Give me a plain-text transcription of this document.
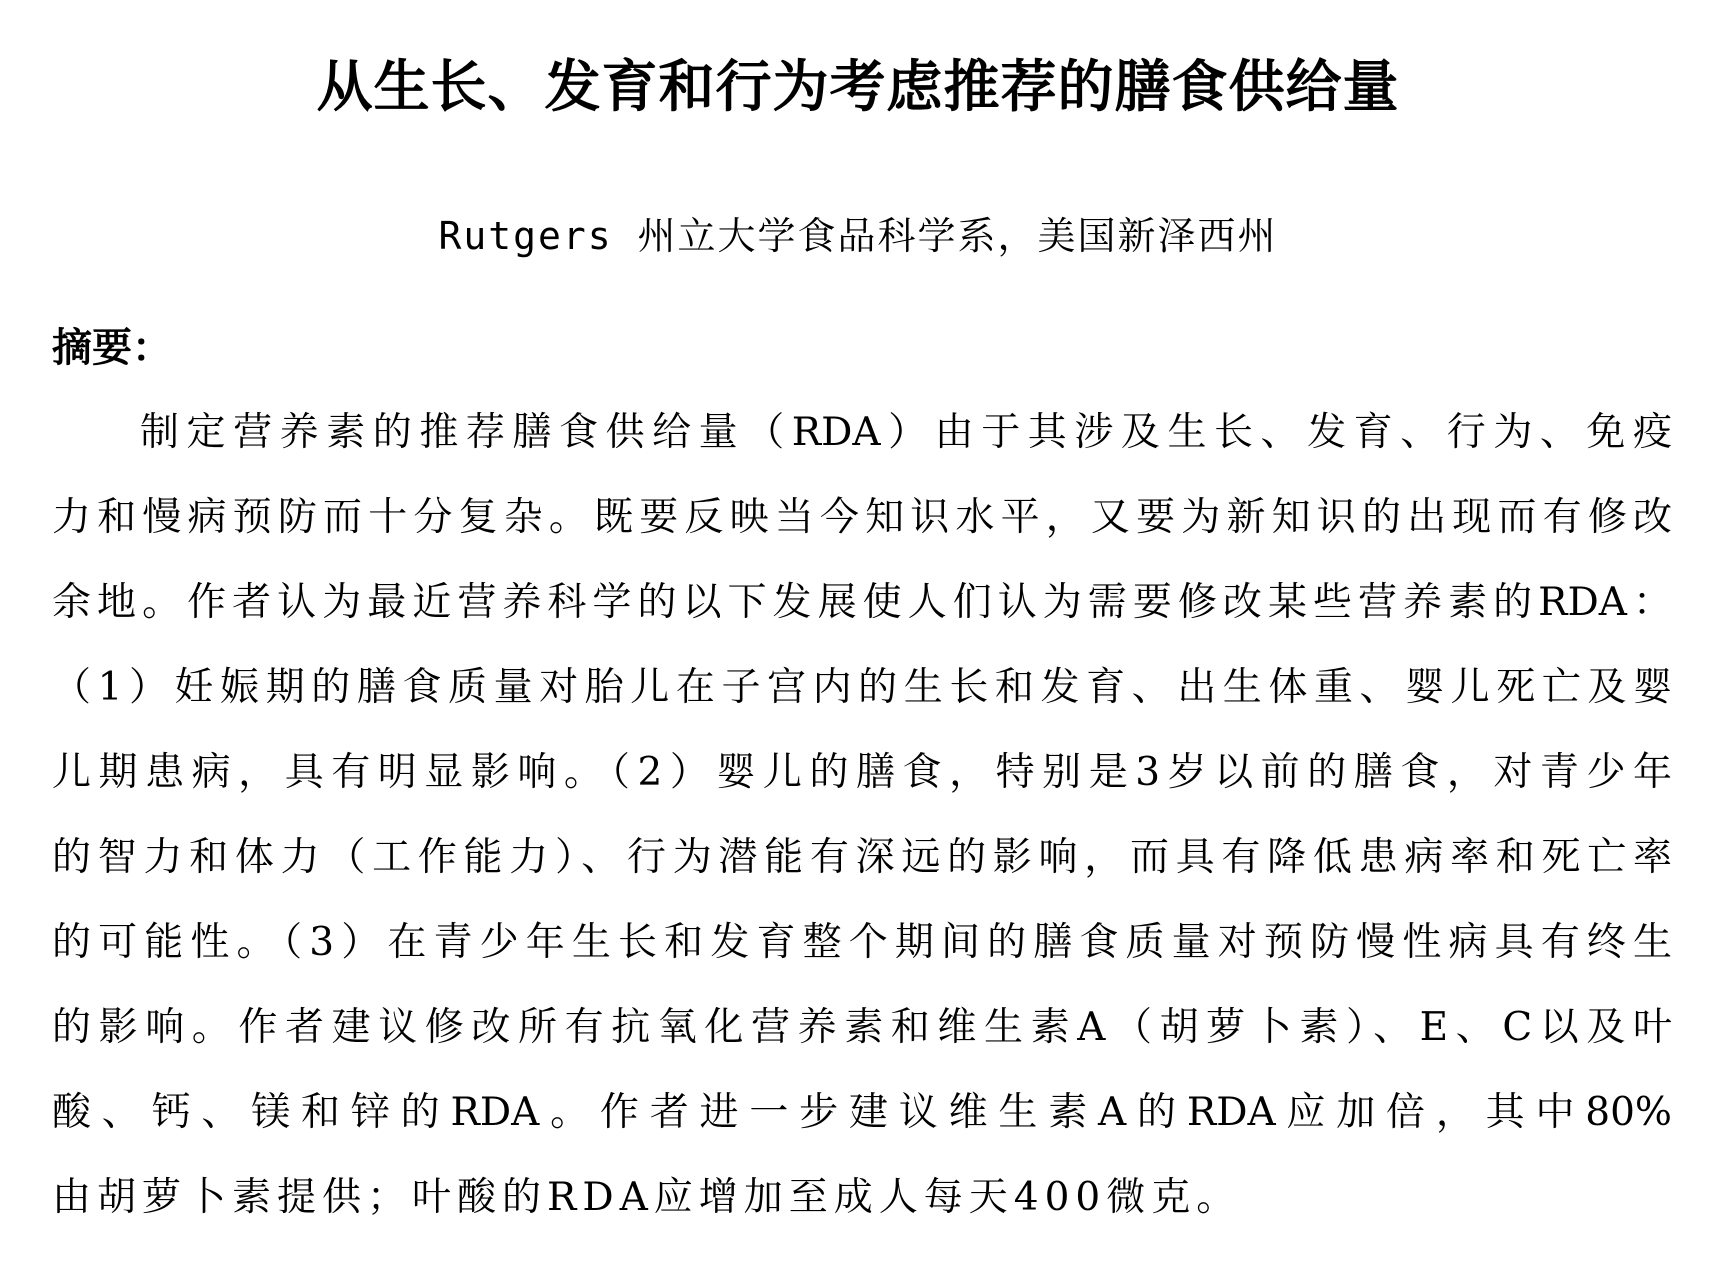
从生长、发育和行为考虑推荐的膳食供给量
Rutgers 州立大学食品科学系，美国新泽西州
摘要：
制定营养素的推荐膳食供给量（RDA）由于其涉及生长、发育、行为、免疫
力和慢病预防而十分复杂。既要反映当今知识水平，又要为新知识的出现而有修改
余地。作者认为最近营养科学的以下发展使人们认为需要修改某些营养素的RDA：
（1）妊娠期的膳食质量对胎儿在子宫内的生长和发育、出生体重、婴儿死亡及婴
儿期患病，具有明显影响。（2）婴儿的膳食，特别是3岁以前的膳食，对青少年
的智力和体力（工作能力）、行为潜能有深远的影响，而具有降低患病率和死亡率
的可能性。（3）在青少年生长和发育整个期间的膳食质量对预防慢性病具有终生
的影响。作者建议修改所有抗氧化营养素和维生素A（胡萝卜素）、E、C以及叶
酸、钙、镁和锌的RDA。作者进一步建议维生素A的RDA应加倍，其中80%
由胡萝卜素提供；叶酸的RDA应增加至成人每天400微克。
